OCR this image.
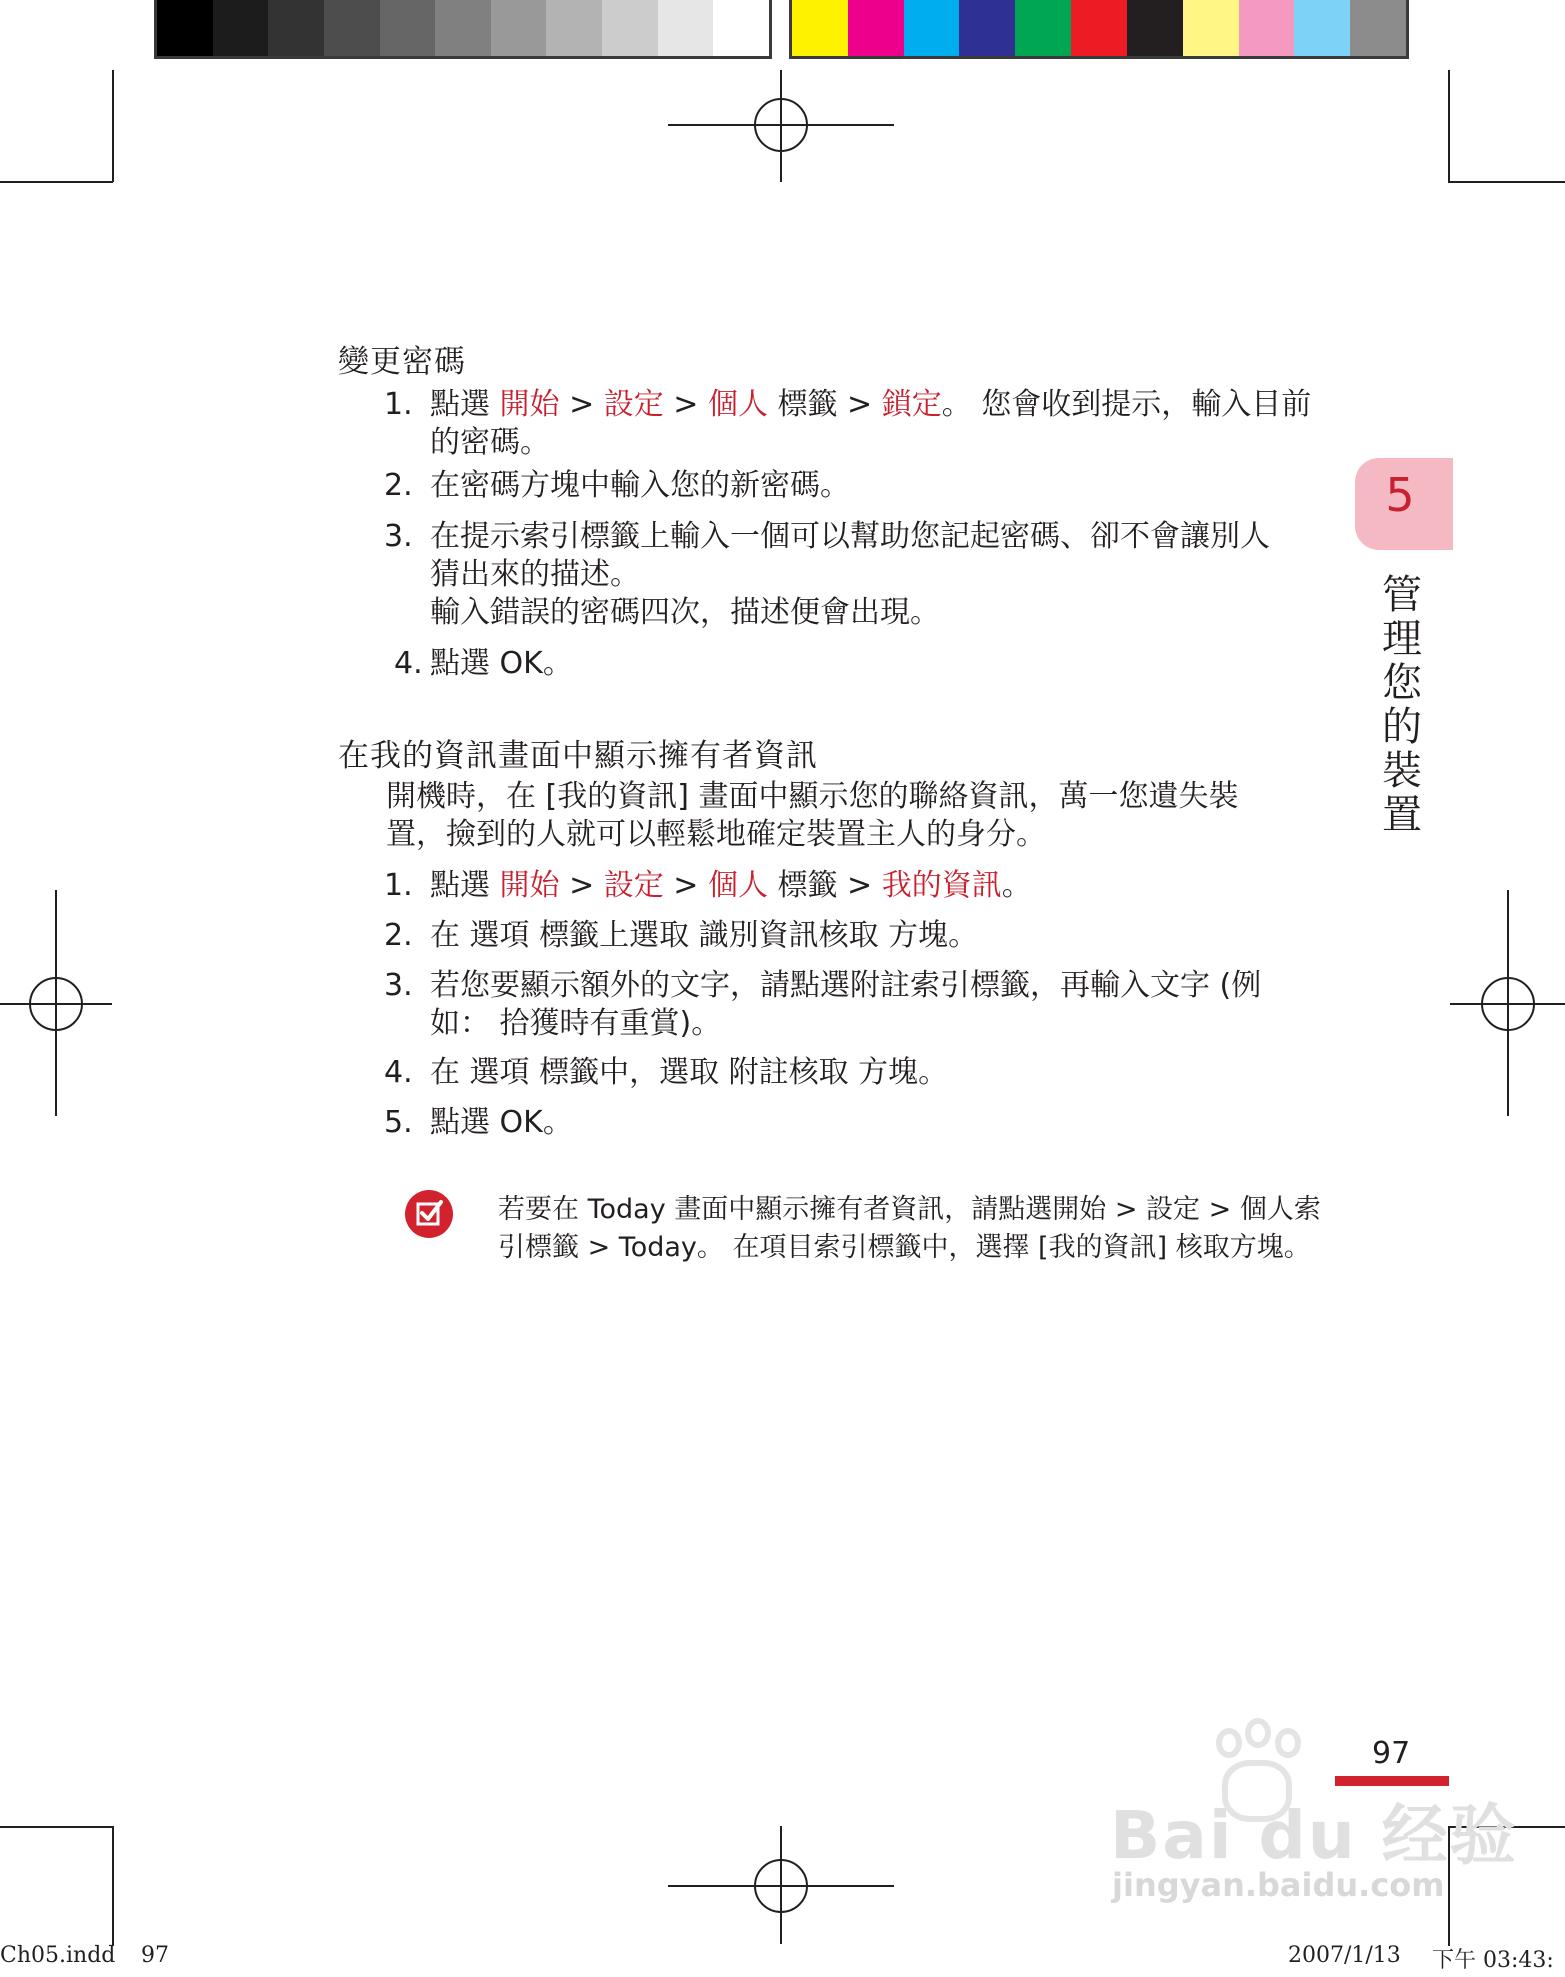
變更密碼
1. 點選 開始 > 設定 > 個人 標籤 > 鎖定。 您會收到提示，輸入目前
的密碼。
2. 在密碼方塊中輸入您的新密碼。
3. 在提示索引標籤上輸入一個可以幫助您記起密碼、卻不會讓別人
猜出來的描述。
輸入錯誤的密碼四次，描述便會出現。
4. 點選 OK。
在我的資訊畫面中顯示擁有者資訊
開機時，在 [我的資訊] 畫面中顯示您的聯絡資訊，萬一您遺失裝
置，撿到的人就可以輕鬆地確定裝置主人的身分。
1. 點選 開始 > 設定 > 個人 標籤 > 我的資訊。
2. 在 選項 標籤上選取 識別資訊核取 方塊。
3. 若您要顯示額外的文字，請點選附註索引標籤，再輸入文字 (例
如： 拾獲時有重賞)。
4. 在 選項 標籤中，選取 附註核取 方塊。
5. 點選 OK。
若要在 Today 畫面中顯示擁有者資訊，請點選開始 > 設定 > 個人索
引標籤 > Today。 在項目索引標籤中，選擇 [我的資訊] 核取方塊。
5
管理您的裝置
97
Bai du 经验
jingyan.baidu.com
Ch05.indd 97	2007/1/13 下午 03:43:
